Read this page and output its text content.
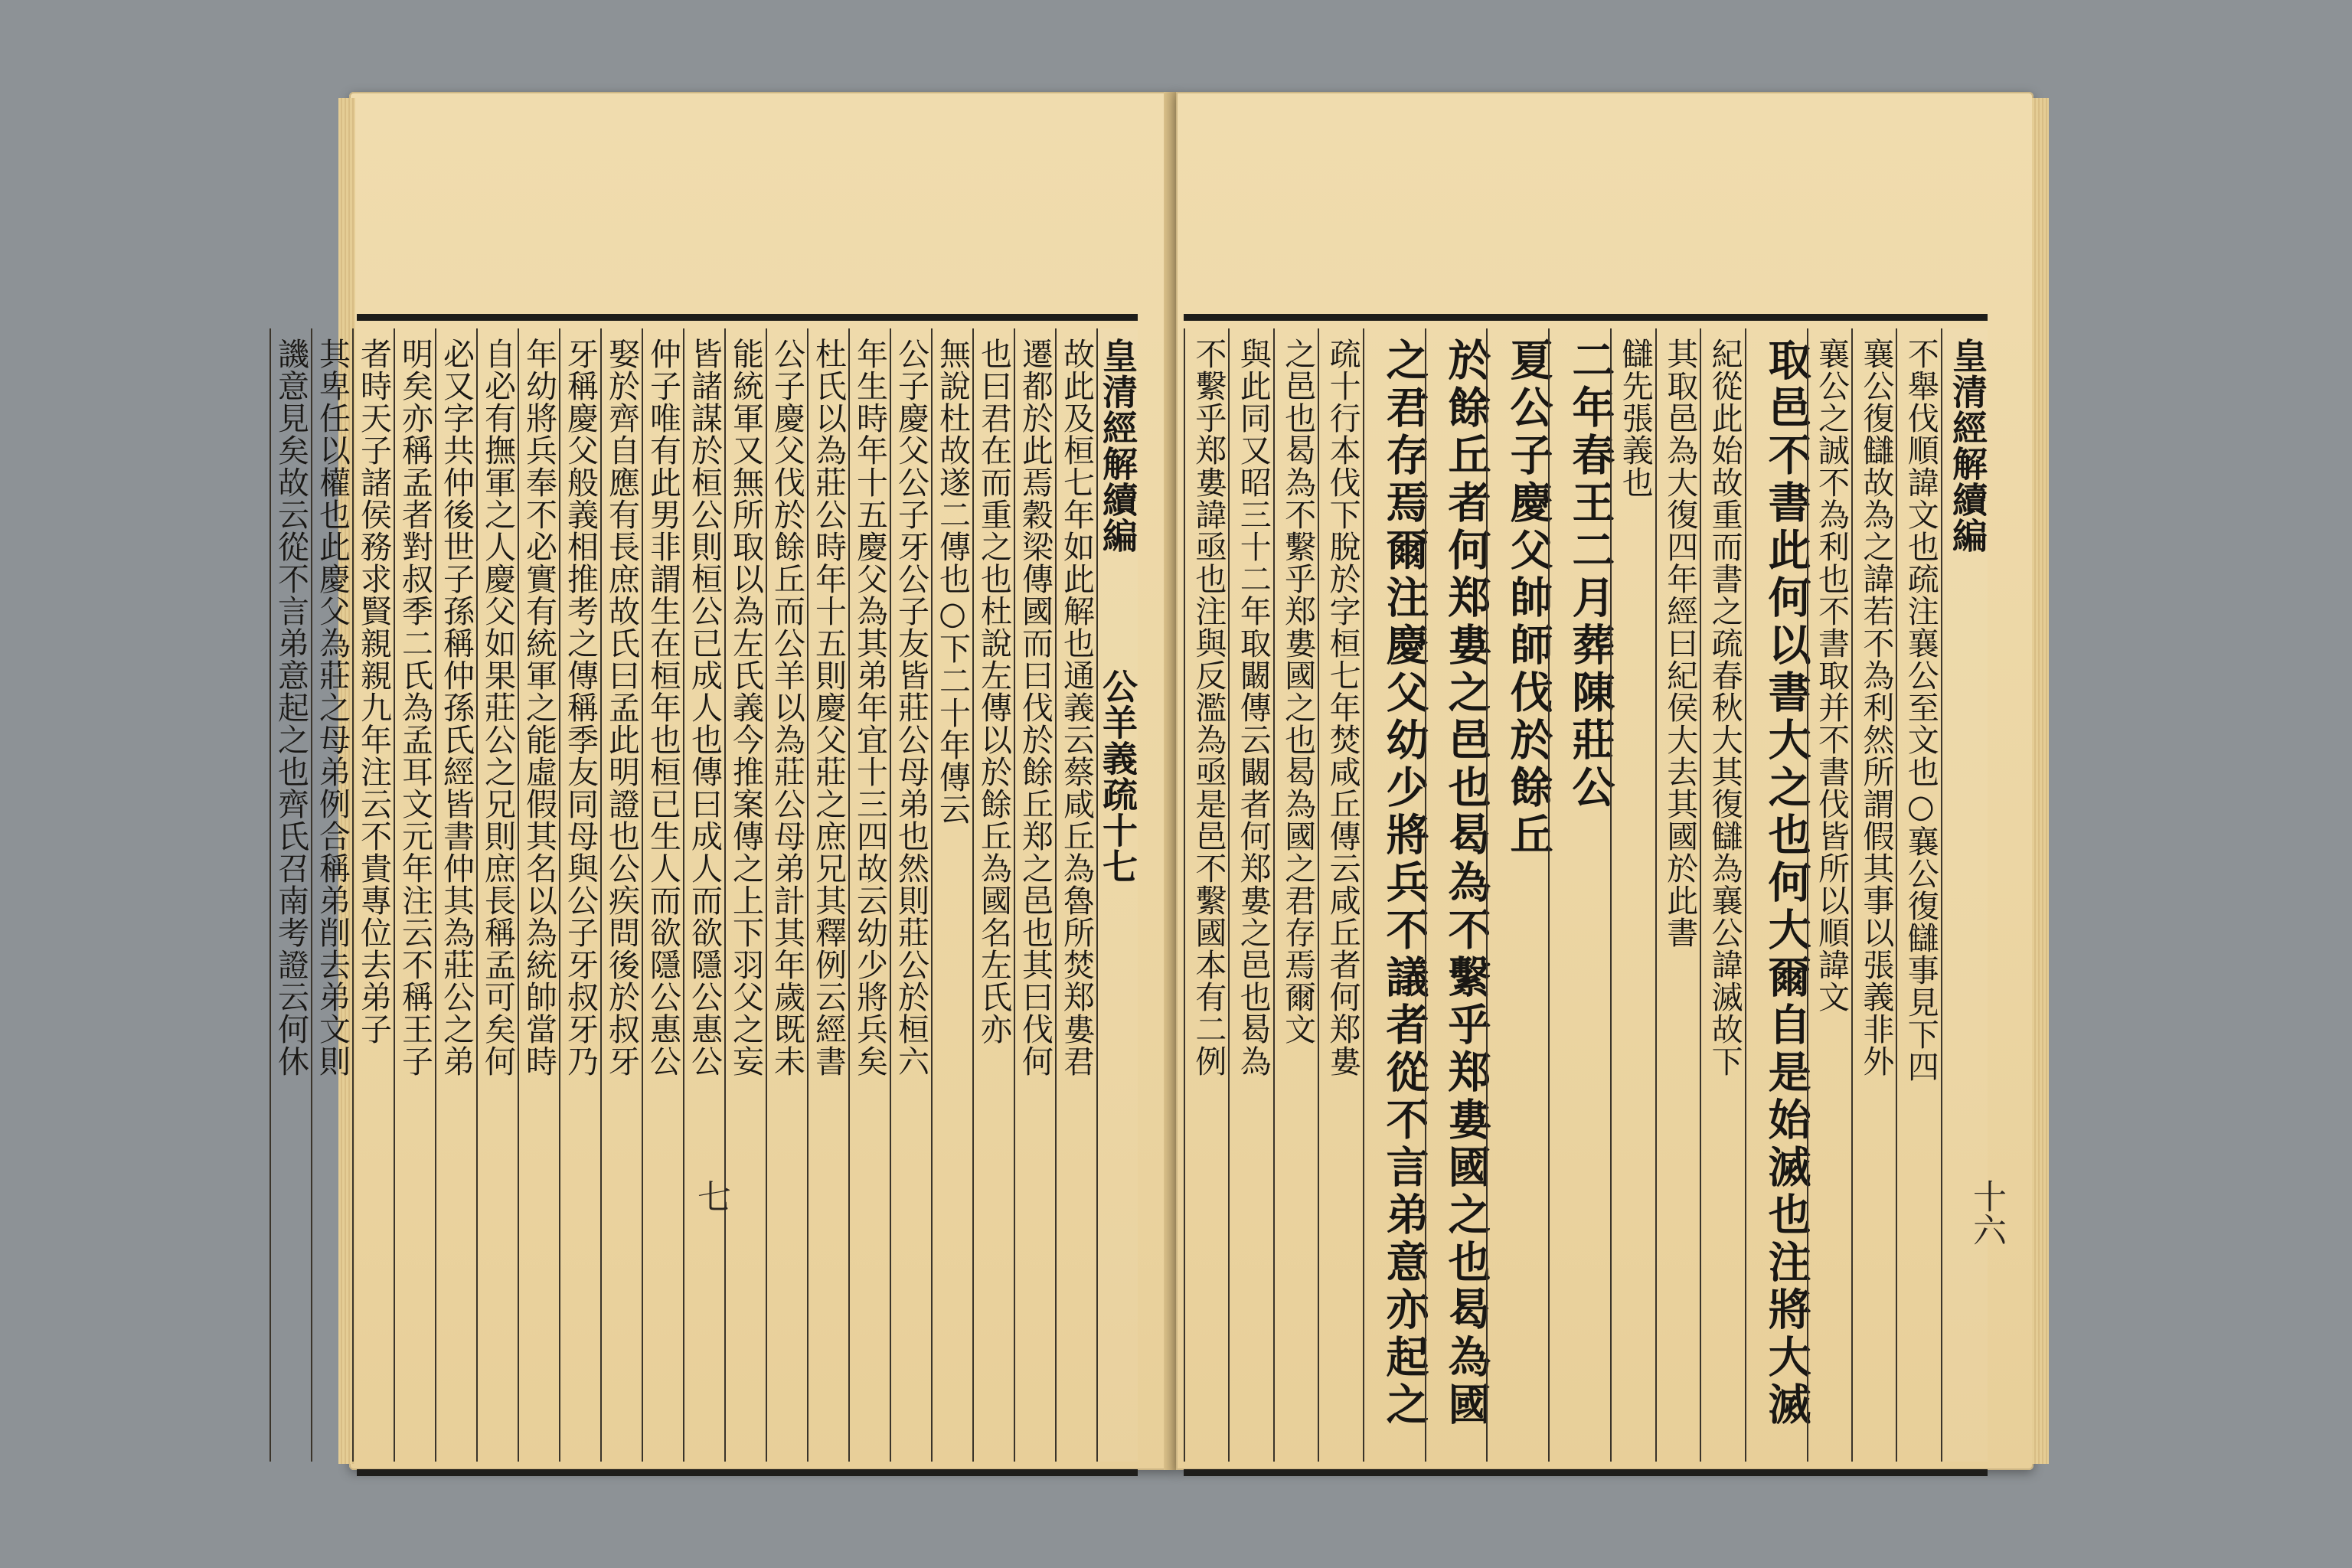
皇清經解續編  公羊義疏十七
故此及桓七年如此解也通義云蔡咸丘為魯所焚郑婁君
遷都於此焉穀梁傳國而曰伐於餘丘郑之邑也其曰伐何
也曰君在而重之也杜說左傳以於餘丘為國名左氏亦
無說杜故遂二傳也○下二十年傳云
公子慶父公子牙公子友皆莊公母弟也然則莊公於桓六
年生時年十五慶父為其弟年宜十三四故云幼少將兵矣
杜氏以為莊公時年十五則慶父莊之庶兄其釋例云經書
公子慶父伐於餘丘而公羊以為莊公母弟計其年歲既未
能統軍又無所取以為左氏義今推案傳之上下羽父之妄
皆諸謀於桓公則桓公已成人也傳曰成人而欲隱公惠公
仲子唯有此男非謂生在桓年也桓已生人而欲隱公惠公
娶於齊自應有長庶故氏曰孟此明證也公疾問後於叔牙
牙稱慶父般義相推考之傳稱季友同母與公子牙叔牙乃
年幼將兵奉不必實有統軍之能虛假其名以為統帥當時
自必有撫軍之人慶父如果莊公之兄則庶長稱孟可矣何
必又字共仲後世子孫稱仲孫氏經皆書仲其為莊公之弟
明矣亦稱孟者對叔季二氏為孟耳文元年注云不稱王子
者時天子諸侯務求賢親親九年注云不貴專位去弟子
其卑任以權也此慶父為莊之母弟例合稱弟削去弟文則
譏意見矣故云從不言弟意起之也齊氏召南考證云何休
七
皇清經解續編
不舉伐順諱文也疏注襄公至文也○襄公復讎事見下四
襄公復讎故為之諱若不為利然所謂假其事以張義非外
襄公之誠不為利也不書取并不書伐皆所以順諱文
取邑不書此何以書大之也何大爾自是始滅也注將大滅
紀從此始故重而書之疏春秋大其復讎為襄公諱滅故下
其取邑為大復四年經曰紀侯大去其國於此書
讎先張義也
二年春王二月葬陳莊公
夏公子慶父帥師伐於餘丘
於餘丘者何郑婁之邑也曷為不繫乎郑婁國之也曷為國
之君存焉爾注慶父幼少將兵不議者從不言弟意亦起之
疏十行本伐下脫於字桓七年焚咸丘傳云咸丘者何郑婁
之邑也曷為不繫乎郑婁國之也曷為國之君存焉爾文
與此同又昭三十二年取闞傳云闞者何郑婁之邑也曷為
不繫乎郑婁諱亟也注與反濫為亟是邑不繫國本有二例
十六
